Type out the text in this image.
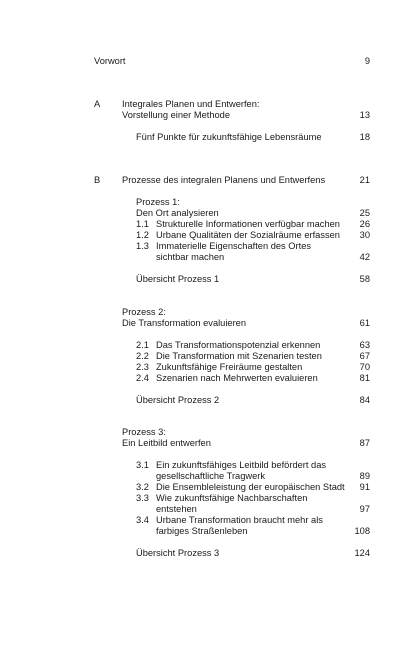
Vorwort	9
A Integrales Planen und Entwerfen:
Vorstellung einer Methode	13
Fünf Punkte für zukunftsfähige Lebensräume	18
B Prozesse des integralen Planens und Entwerfens	21
Prozess 1:
Den Ort analysieren	25
1.1 Strukturelle Informationen verfügbar machen 26
1.2 Urbane Qualitäten der Sozialräume erfassen 30
1.3 Immaterielle Eigenschaften des Ortes
sichtbar machen	42
Übersicht Prozess 1	58
Prozess 2:
Die Transformation evaluieren	61
2.1 Das Transformationspotenzial erkennen	63
2.2 Die Transformation mit Szenarien testen	67
2.3 Zukunftsfähige Freiräume gestalten	70
2.4 Szenarien nach Mehrwerten evaluieren	81
Übersicht Prozess 2	84
Prozess 3:
Ein Leitbild entwerfen	87
3.1 Ein zukunftsfähiges Leitbild befördert das
gesellschaftliche Tragwerk	89
3.2 Die Ensembleleistung der europäischen Stadt 91
3.3 Wie zukunftsfähige Nachbarschaften
entstehen	97
3.4 Urbane Transformation braucht mehr als
farbiges Straßenleben	108
Übersicht Prozess 3	124
